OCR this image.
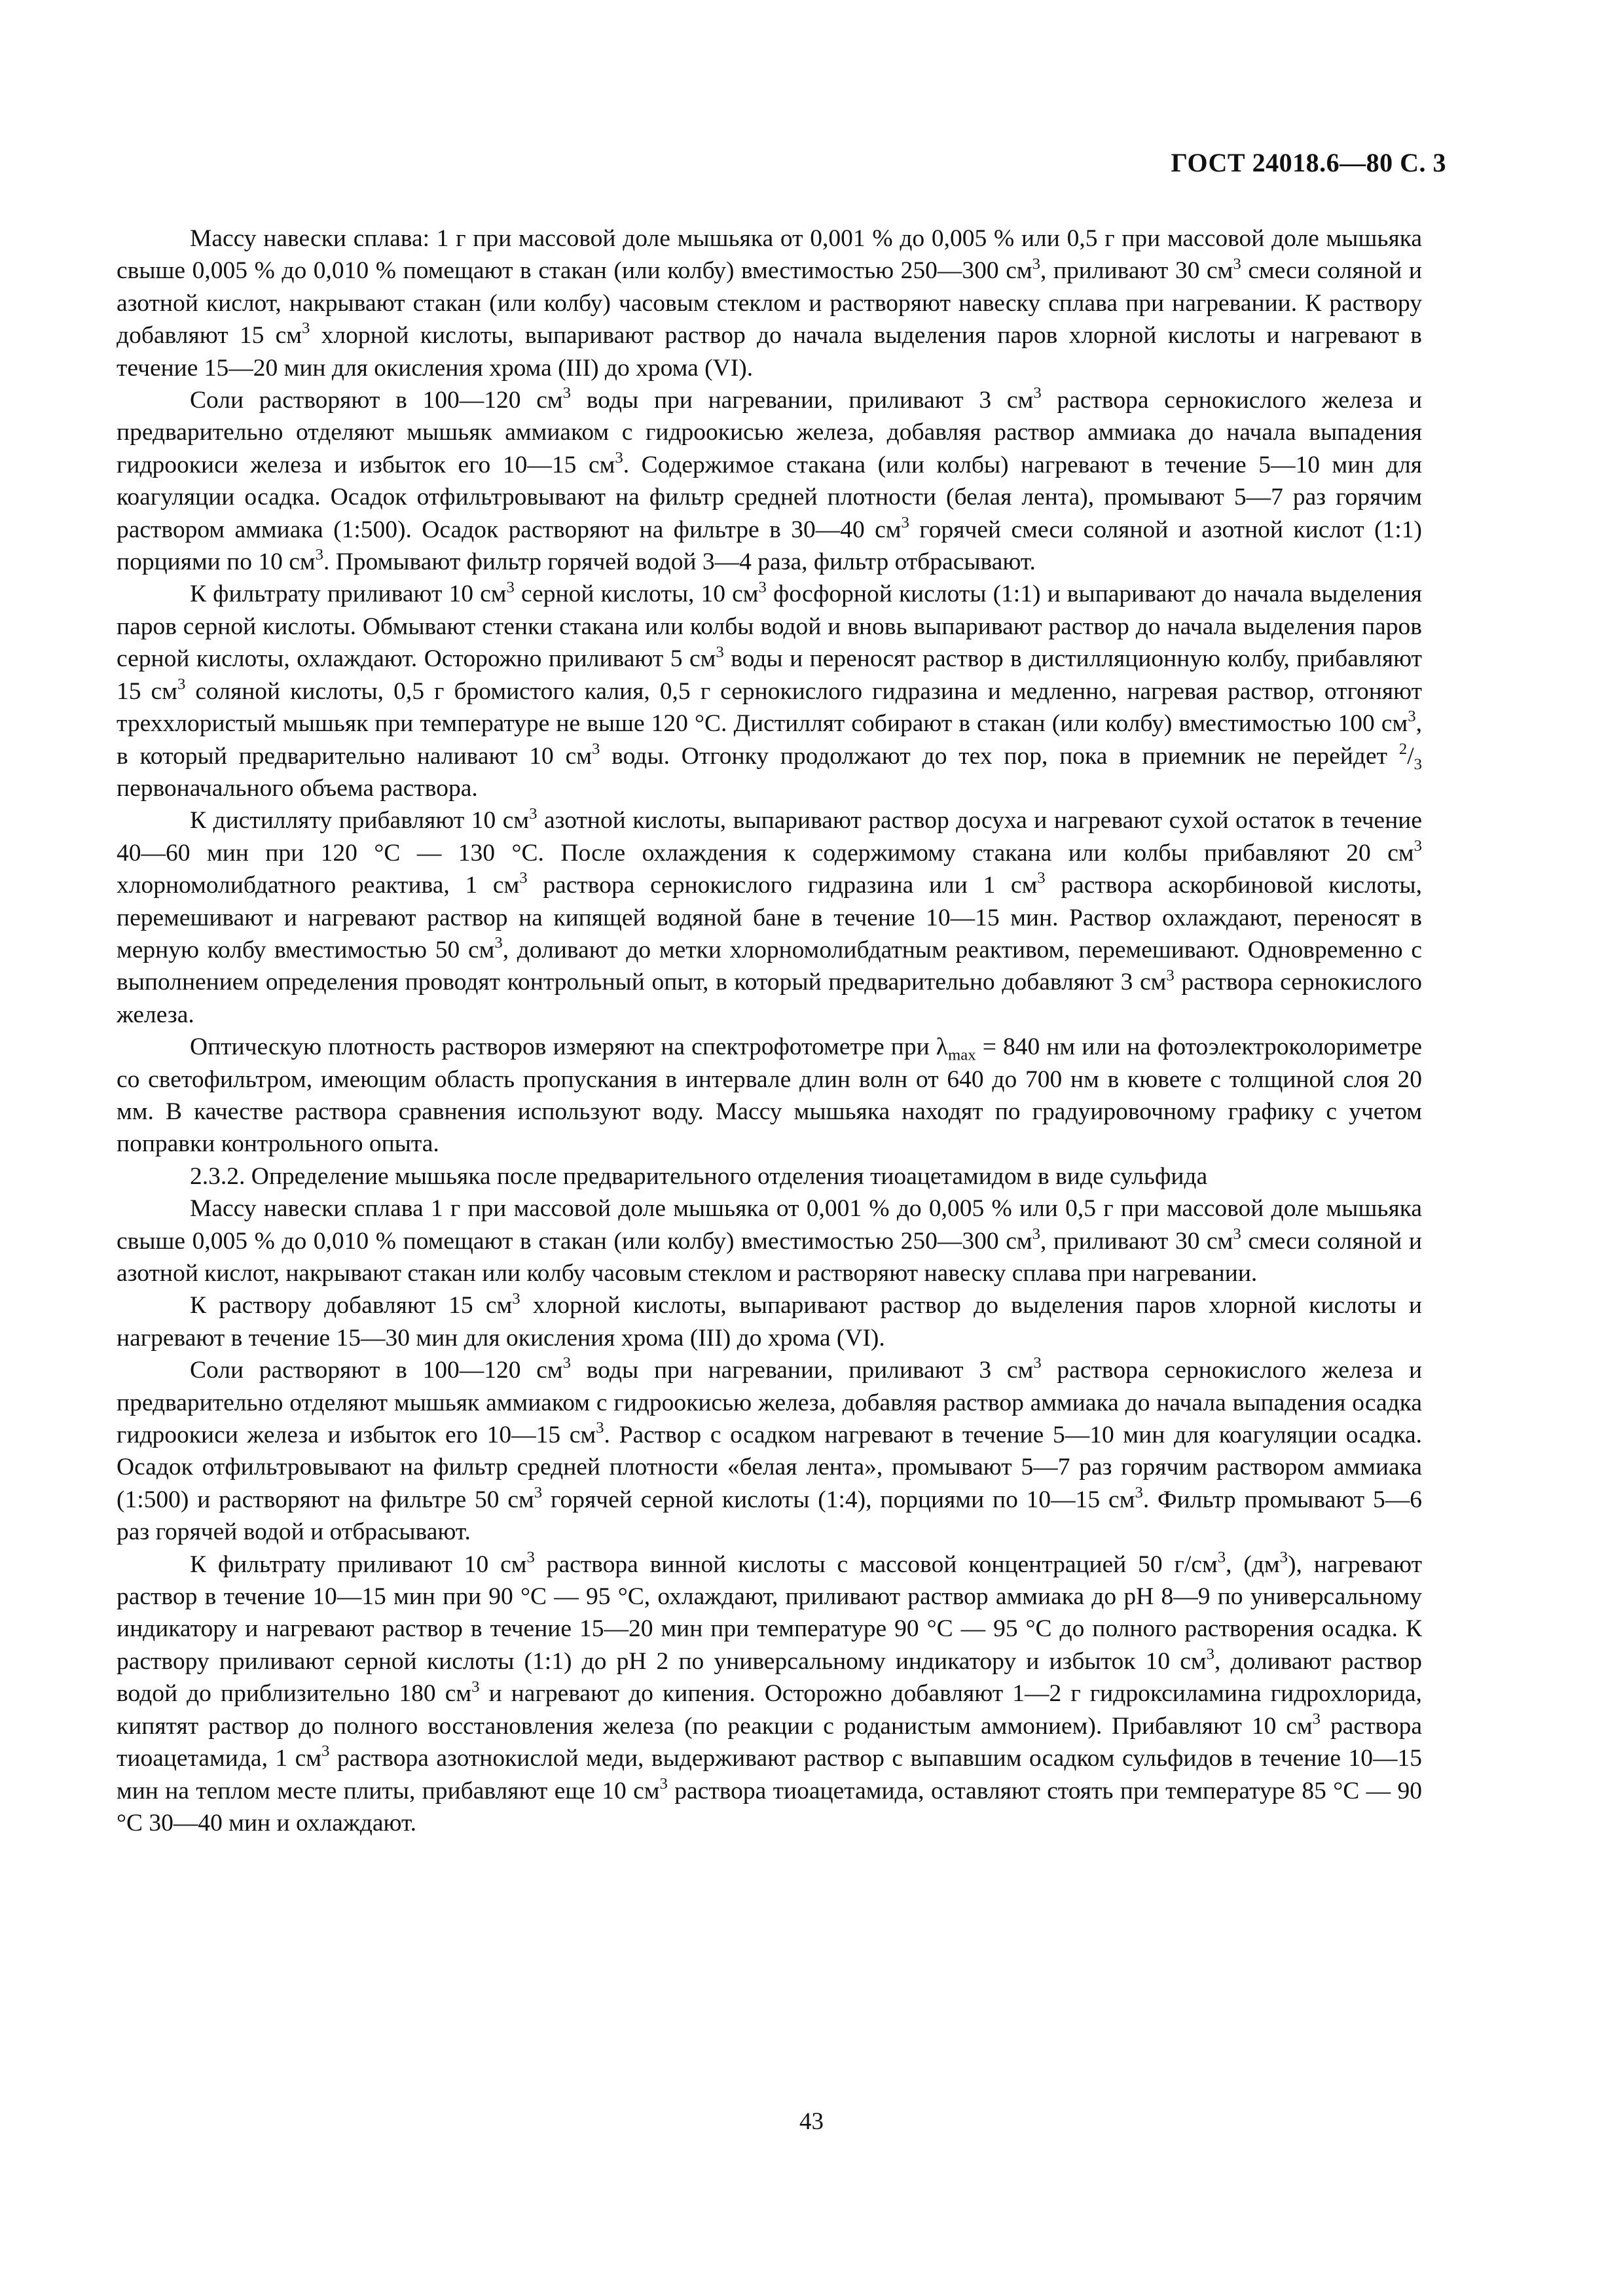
ГОСТ 24018.6—80 С. 3

Массу навески сплава: 1 г при массовой доле мышьяка от 0,001 % до 0,005 % или 0,5 г при массовой доле мышьяка свыше 0,005 % до 0,010 % помещают в стакан (или колбу) вместимостью 250—300 $см^3$, приливают 30 $см^3$ смеси соляной и азотной кислот, накрывают стакан (или колбу) часовым стеклом и растворяют навеску сплава при нагревании. К раствору добавляют 15 $см^3$ хлорной кислоты, выпаривают раствор до начала выделения паров хлорной кислоты и нагревают в течение 15—20 мин для окисления хрома (III) до хрома (VI).

Соли растворяют в 100—120 $см^3$ воды при нагревании, приливают 3 $см^3$ раствора сернокислого железа и предварительно отделяют мышьяк аммиаком с гидроокисью железа, добавляя раствор аммиака до начала выпадения гидроокиси железа и избыток его 10—15 $см^3$. Содержимое стакана (или колбы) нагревают в течение 5—10 мин для коагуляции осадка. Осадок отфильтровывают на фильтр средней плотности (белая лента), промывают 5—7 раз горячим раствором аммиака (1:500). Осадок растворяют на фильтре в 30—40 $см^3$ горячей смеси соляной и азотной кислот (1:1) порциями по 10 $см^3$. Промывают фильтр горячей водой 3—4 раза, фильтр отбрасывают.

К фильтрату приливают 10 $см^3$ серной кислоты, 10 $см^3$ фосфорной кислоты (1:1) и выпаривают до начала выделения паров серной кислоты. Обмывают стенки стакана или колбы водой и вновь выпаривают раствор до начала выделения паров серной кислоты, охлаждают. Осторожно приливают 5 $см^3$ воды и переносят раствор в дистилляционную колбу, прибавляют 15 $см^3$ соляной кислоты, 0,5 г бромистого калия, 0,5 г сернокислого гидразина и медленно, нагревая раствор, отгоняют треххлористый мышьяк при температуре не выше 120 °С. Дистиллят собирают в стакан (или колбу) вместимостью 100 $см^3$, в который предварительно наливают 10 $см^3$ воды. Отгонку продолжают до тех пор, пока в приемник не перейдет $^2/_3$ первоначального объема раствора.

К дистилляту прибавляют 10 $см^3$ азотной кислоты, выпаривают раствор досуха и нагревают сухой остаток в течение 40—60 мин при 120 °С — 130 °С. После охлаждения к содержимому стакана или колбы прибавляют 20 $см^3$ хлорномолибдатного реактива, 1 $см^3$ раствора сернокислого гидразина или 1 $см^3$ раствора аскорбиновой кислоты, перемешивают и нагревают раствор на кипящей водяной бане в течение 10—15 мин. Раствор охлаждают, переносят в мерную колбу вместимостью 50 $см^3$, доливают до метки хлорномолибдатным реактивом, перемешивают. Одновременно с выполнением определения проводят контрольный опыт, в который предварительно добавляют 3 $см^3$ раствора сернокислого железа.

Оптическую плотность растворов измеряют на спектрофотометре при $\lambda_{max} = 840$ нм или на фотоэлектроколориметре со светофильтром, имеющим область пропускания в интервале длин волн от 640 до 700 нм в кювете с толщиной слоя 20 мм. В качестве раствора сравнения используют воду. Массу мышьяка находят по градуировочному графику с учетом поправки контрольного опыта.

2.3.2. Определение мышьяка после предварительного отделения тиоацетамидом в виде сульфида

Массу навески сплава 1 г при массовой доле мышьяка от 0,001 % до 0,005 % или 0,5 г при массовой доле мышьяка свыше 0,005 % до 0,010 % помещают в стакан (или колбу) вместимостью 250—300 $см^3$, приливают 30 $см^3$ смеси соляной и азотной кислот, накрывают стакан или колбу часовым стеклом и растворяют навеску сплава при нагревании.

К раствору добавляют 15 $см^3$ хлорной кислоты, выпаривают раствор до выделения паров хлорной кислоты и нагревают в течение 15—30 мин для окисления хрома (III) до хрома (VI).

Соли растворяют в 100—120 $см^3$ воды при нагревании, приливают 3 $см^3$ раствора сернокислого железа и предварительно отделяют мышьяк аммиаком с гидроокисью железа, добавляя раствор аммиака до начала выпадения осадка гидроокиси железа и избыток его 10—15 $см^3$. Раствор с осадком нагревают в течение 5—10 мин для коагуляции осадка. Осадок отфильтровывают на фильтр средней плотности «белая лента», промывают 5—7 раз горячим раствором аммиака (1:500) и растворяют на фильтре 50 $см^3$ горячей серной кислоты (1:4), порциями по 10—15 $см^3$. Фильтр промывают 5—6 раз горячей водой и отбрасывают.

К фильтрату приливают 10 $см^3$ раствора винной кислоты с массовой концентрацией 50 $г/см^3$, $(дм^3)$, нагревают раствор в течение 10—15 мин при 90 °С — 95 °С, охлаждают, приливают раствор аммиака до pH 8—9 по универсальному индикатору и нагревают раствор в течение 15—20 мин при температуре 90 °С — 95 °С до полного растворения осадка. К раствору приливают серной кислоты (1:1) до pH 2 по универсальному индикатору и избыток 10 $см^3$, доливают раствор водой до приблизительно 180 $см^3$ и нагревают до кипения. Осторожно добавляют 1—2 г гидроксиламина гидрохлорида, кипятят раствор до полного восстановления железа (по реакции с роданистым аммонием). Прибавляют 10 $см^3$ раствора тиоацетамида, 1 $см^3$ раствора азотнокислой меди, выдерживают раствор с выпавшим осадком сульфидов в течение 10—15 мин на теплом месте плиты, прибавляют еще 10 $см^3$ раствора тиоацетамида, оставляют стоять при температуре 85 °С — 90 °С 30—40 мин и охлаждают.

43
